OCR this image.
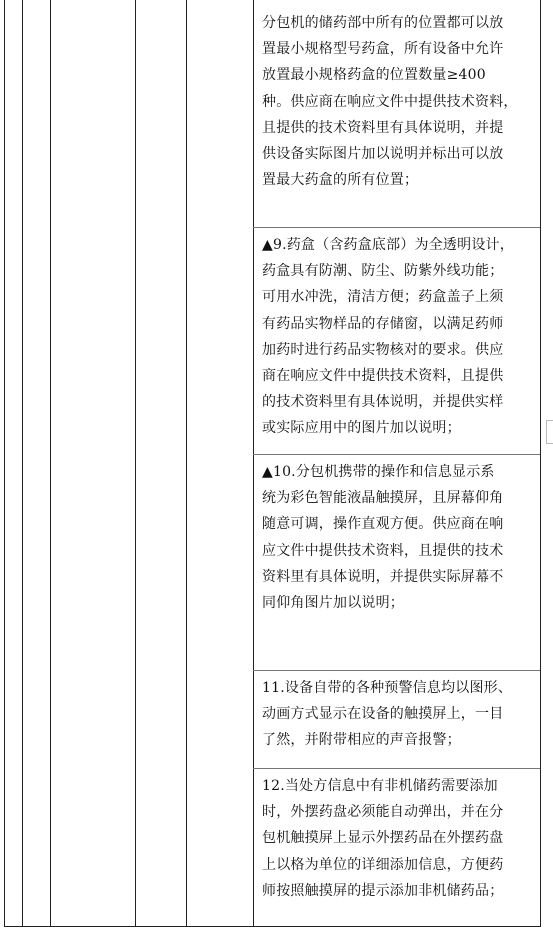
分包机的储药部中所有的位置都可以放

置最小规格型号药盒，所有设备中允许

放置最小规格药盒的位置数量≥400

种。供应商在响应文件中提供技术资料，

且提供的技术资料里有具体说明，并提

供设备实际图片加以说明并标出可以放

置最大药盒的所有位置；

▲9.药盒（含药盒底部）为全透明设计，

药盒具有防潮、防尘、防紫外线功能；

可用水冲洗，清洁方便；药盒盖子上须

有药品实物样品的存储窗，以满足药师

加药时进行药品实物核对的要求。供应

商在响应文件中提供技术资料，且提供

的技术资料里有具体说明，并提供实样

或实际应用中的图片加以说明；

▲10.分包机携带的操作和信息显示系

统为彩色智能液晶触摸屏，且屏幕仰角

随意可调，操作直观方便。供应商在响

应文件中提供技术资料，且提供的技术

资料里有具体说明，并提供实际屏幕不

同仰角图片加以说明；

11.设备自带的各种预警信息均以图形、

动画方式显示在设备的触摸屏上，一目

了然，并附带相应的声音报警；

12.当处方信息中有非机储药需要添加

时，外摆药盘必须能自动弹出，并在分

包机触摸屏上显示外摆药品在外摆药盘

上以格为单位的详细添加信息，方便药

师按照触摸屏的提示添加非机储药品；
